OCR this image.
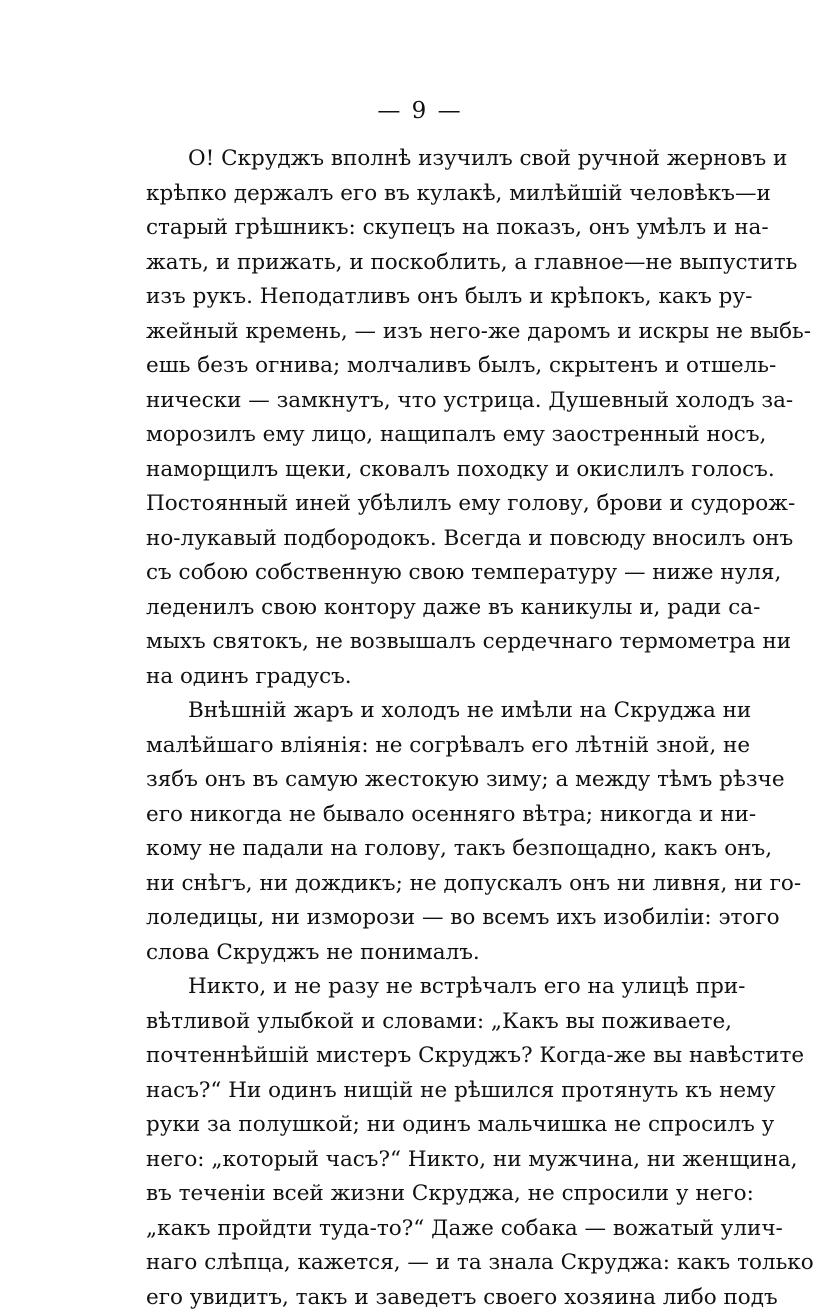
— 9 —
О! Скруджъ вполнѣ изучилъ свой ручной жерновъ и
крѣпко держалъ его въ кулакѣ, милѣйшій человѣкъ—и
старый грѣшникъ: скупецъ на показъ, онъ умѣлъ и на-
жать, и прижать, и поскоблить, а главное—не выпустить
изъ рукъ. Неподатливъ онъ былъ и крѣпокъ, какъ ру-
жейный кремень, — изъ него-же даромъ и искры не выбь-
ешь безъ огнива; молчаливъ былъ, скрытенъ и отшель-
нически — замкнутъ, что устрица. Душевный холодъ за-
морозилъ ему лицо, нащипалъ ему заостренный носъ,
наморщилъ щеки, сковалъ походку и окислилъ голосъ.
Постоянный иней убѣлилъ ему голову, брови и судорож-
но-лукавый подбородокъ. Всегда и повсюду вносилъ онъ
съ собою собственную свою температуру — ниже нуля,
леденилъ свою контору даже въ каникулы и, ради са-
мыхъ святокъ, не возвышалъ сердечнаго термометра ни
на одинъ градусъ.
Внѣшній жаръ и холодъ не имѣли на Скруджа ни
малѣйшаго вліянія: не согрѣвалъ его лѣтній зной, не
зябъ онъ въ самую жестокую зиму; а между тѣмъ рѣзче
его никогда не бывало осенняго вѣтра; никогда и ни-
кому не падали на голову, такъ безпощадно, какъ онъ,
ни снѣгъ, ни дождикъ; не допускалъ онъ ни ливня, ни го-
лоледицы, ни изморози — во всемъ ихъ изобиліи: этого
слова Скруджъ не понималъ.
Никто, и не разу не встрѣчалъ его на улицѣ при-
вѣтливой улыбкой и словами: „Какъ вы поживаете,
почтеннѣйшій мистеръ Скруджъ? Когда-же вы навѣстите
насъ?“ Ни одинъ нищій не рѣшился протянуть къ нему
руки за полушкой; ни одинъ мальчишка не спросилъ у
него: „который часъ?“ Никто, ни мужчина, ни женщина,
въ теченіи всей жизни Скруджа, не спросили у него:
„какъ пройдти туда-то?“ Даже собака — вожатый улич-
наго слѣпца, кажется, — и та знала Скруджа: какъ только
его увидитъ, такъ и заведетъ своего хозяина либо подъ
